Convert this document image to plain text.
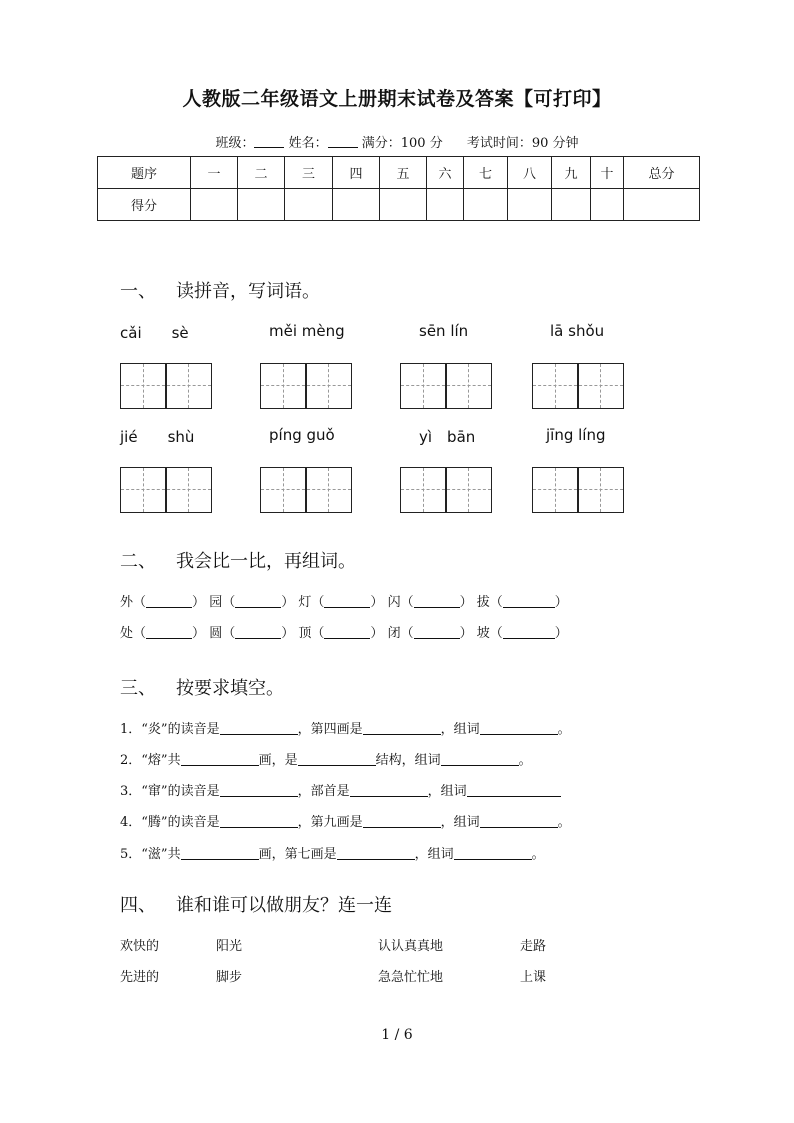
人教版二年级语文上册期末试卷及答案【可打印】
班级：	姓名：	满分：100 分 考试时间：90 分钟
题序	一	二	三	四	五	六	七	八	九	十	总分
得分											
一、 读拼音，写词语。
cǎi　　sè	měi mèng	sēn lín	lā shǒu
jié　　shù	píng guǒ	yì　bān	jīng líng
二、 我会比一比，再组词。
外（	） 园（	） 灯（	） 闪（	） 拔（	）
处（	） 圆（	） 顶（	） 闭（	） 坡（	）
三、 按要求填空。
1．“炎”的读音是	，第四画是	，组词	。
2．“熔”共	画，是	结构，组词	。
3．“窜”的读音是	，部首是	，组词
4．“腾”的读音是	，第九画是	，组词	。
5．“滋”共	画，第七画是	，组词	。
四、 谁和谁可以做朋友？连一连
欢快的	阳光	认认真真地	走路
先进的	脚步	急急忙忙地	上课
1 / 6
